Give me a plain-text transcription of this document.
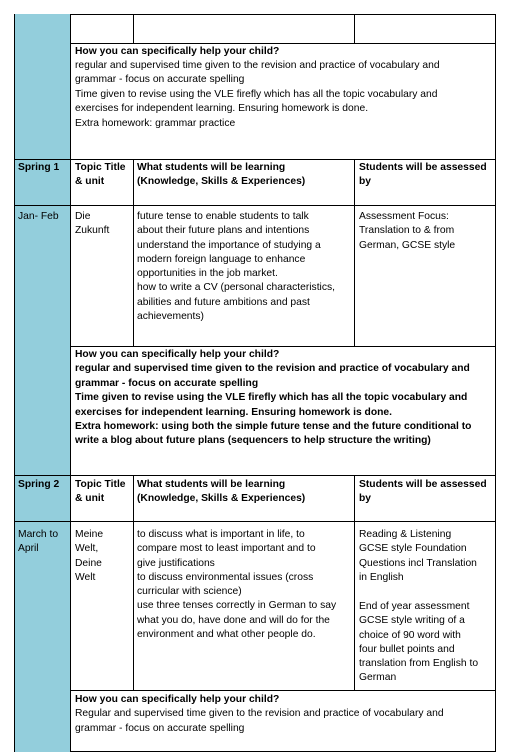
How you can specifically help your child?
regular and supervised time given to the revision and practice of vocabulary and
grammar - focus on accurate spelling
Time given to revise using the VLE firefly which has all the topic vocabulary and
exercises for independent learning. Ensuring homework is done.
Extra homework: grammar practice
Spring 1 Topic Title
& unit
What students will be learning
(Knowledge, Skills & Experiences)
Students will be assessed
by
Jan- Feb Die
Zukunft
future tense to enable students to talk
about their future plans and intentions
understand the importance of studying a
modern foreign language to enhance
opportunities in the job market.
how to write a CV (personal characteristics,
abilities and future ambitions and past
achievements)
Assessment Focus:
Translation to & from
German, GCSE style
How you can specifically help your child?
regular and supervised time given to the revision and practice of vocabulary and
grammar - focus on accurate spelling
Time given to revise using the VLE firefly which has all the topic vocabulary and
exercises for independent learning. Ensuring homework is done.
Extra homework: using both the simple future tense and the future conditional to
write a blog about future plans (sequencers to help structure the writing)
Spring 2 Topic Title
& unit
What students will be learning
(Knowledge, Skills & Experiences)
Students will be assessed
by
March to
April
Meine
Welt,
Deine
Welt
to discuss what is important in life, to
compare most to least important and to
give justifications
to discuss environmental issues (cross
curricular with science)
use three tenses correctly in German to say
what you do, have done and will do for the
environment and what other people do.
Reading & Listening
GCSE style Foundation
Questions incl Translation
in English
End of year assessment
GCSE style writing of a
choice of 90 word with
four bullet points and
translation from English to
German
How you can specifically help your child?
Regular and supervised time given to the revision and practice of vocabulary and
grammar - focus on accurate spelling
